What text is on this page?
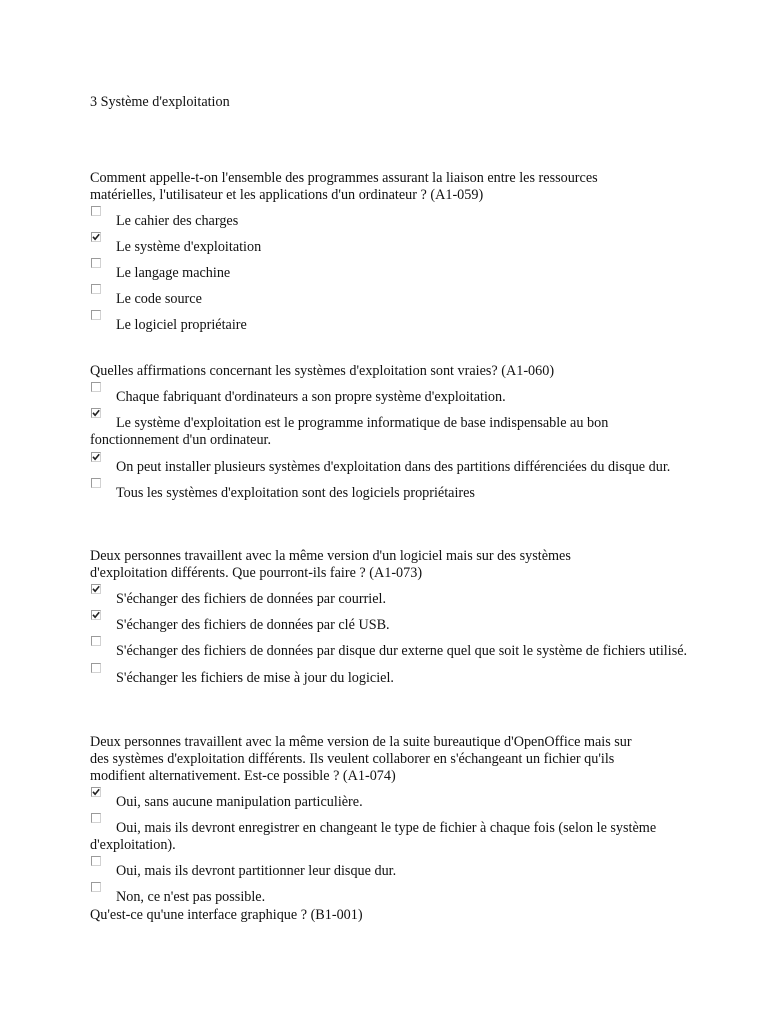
3 Système d'exploitation

Comment appelle-t-on l'ensemble des programmes assurant la liaison entre les ressources
matérielles, l'utilisateur et les applications d'un ordinateur ? (A1-059)

Le cahier des charges

Le système d'exploitation

Le langage machine

Le code source

Le logiciel propriétaire

Quelles affirmations concernant les systèmes d'exploitation sont vraies? (A1-060)

Chaque fabriquant d'ordinateurs a son propre système d'exploitation.

Le système d'exploitation est le programme informatique de base indispensable au bon fonctionnement d'un ordinateur.

On peut installer plusieurs systèmes d'exploitation dans des partitions différenciées du disque dur.

Tous les systèmes d'exploitation sont des logiciels propriétaires

Deux personnes travaillent avec la même version d'un logiciel mais sur des systèmes
d'exploitation différents. Que pourront-ils faire ? (A1-073)

S'échanger des fichiers de données par courriel.

S'échanger des fichiers de données par clé USB.

S'échanger des fichiers de données par disque dur externe quel que soit le système de fichiers utilisé.

S'échanger les fichiers de mise à jour du logiciel.

Deux personnes travaillent avec la même version de la suite bureautique d'OpenOffice mais sur
des systèmes d'exploitation différents. Ils veulent collaborer en s'échangeant un fichier qu'ils
modifient alternativement. Est-ce possible ? (A1-074)

Oui, sans aucune manipulation particulière.

Oui, mais ils devront enregistrer en changeant le type de fichier à chaque fois (selon le système d'exploitation).

Oui, mais ils devront partitionner leur disque dur.

Non, ce n'est pas possible.

Qu'est-ce qu'une interface graphique ? (B1-001)
